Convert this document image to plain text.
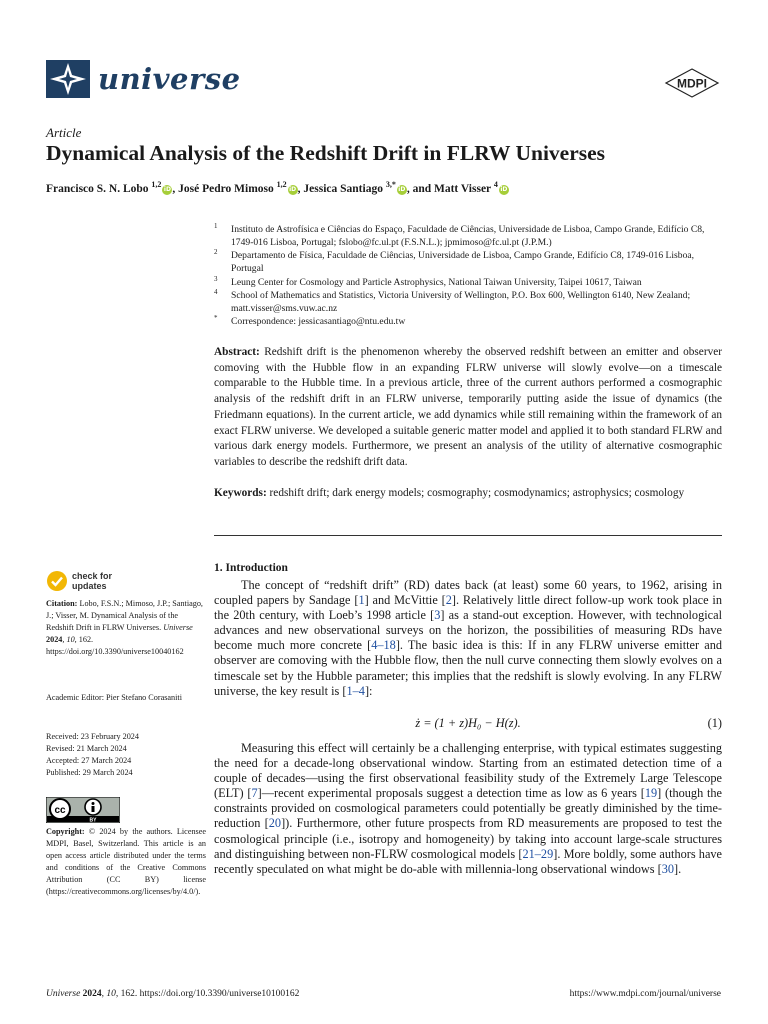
universe	MDPI
Article
Dynamical Analysis of the Redshift Drift in FLRW Universes
Francisco S. N. Lobo $^{1,2}$iD, José Pedro Mimoso $^{1,2}$iD, Jessica Santiago $^{3,*}$iD, and Matt Visser $^4$iD
1 Instituto de Astrofísica e Ciências do Espaço, Faculdade de Ciências, Universidade de Lisboa, Campo Grande, Edifício C8, 1749-016 Lisboa, Portugal; fslobo@fc.ul.pt (F.S.N.L.); jpmimoso@fc.ul.pt (J.P.M.)
2 Departamento de Física, Faculdade de Ciências, Universidade de Lisboa, Campo Grande, Edifício C8, 1749-016 Lisboa, Portugal
3 Leung Center for Cosmology and Particle Astrophysics, National Taiwan University, Taipei 10617, Taiwan
4 School of Mathematics and Statistics, Victoria University of Wellington, P.O. Box 600, Wellington 6140, New Zealand; matt.visser@sms.vuw.ac.nz
* Correspondence: jessicasantiago@ntu.edu.tw
Abstract: Redshift drift is the phenomenon whereby the observed redshift between an emitter and observer comoving with the Hubble flow in an expanding FLRW universe will slowly evolve—on a timescale comparable to the Hubble time. In a previous article, three of the current authors performed a cosmographic analysis of the redshift drift in an FLRW universe, temporarily putting aside the issue of dynamics (the Friedmann equations). In the current article, we add dynamics while still remaining within the framework of an exact FLRW universe. We developed a suitable generic matter model and applied it to both standard FLRW and various dark energy models. Furthermore, we present an analysis of the utility of alternative cosmographic variables to describe the redshift drift data.
Keywords: redshift drift; dark energy models; cosmography; cosmodynamics; astrophysics; cosmology
1. Introduction

The concept of “redshift drift” (RD) dates back (at least) some 60 years, to 1962, arising in coupled papers by Sandage [1] and McVittie [2]. Relatively little direct follow-up work took place in the 20th century, with Loeb’s 1998 article [3] as a stand-out exception. However, with technological advances and new observational surveys on the horizon, the possibilities of measuring RDs have become much more concrete [4–18]. The basic idea is this: If in any FLRW universe emitter and observer are comoving with the Hubble flow, then the null curve connecting them slowly evolves on a timescale set by the Hubble parameter; this implies that the redshift is slowly evolving. In any FLRW universe, the key result is [1–4]:

ż = (1 + z)H₀ − H(z).	(1)

Measuring this effect will certainly be a challenging enterprise, with typical estimates suggesting the need for a decade-long observational window. Starting from an estimated detection time of a couple of decades—using the first observational feasibility study of the Extremely Large Telescope (ELT) [7]—recent experimental proposals suggest a detection time as low as 6 years [19] (though the constraints provided on cosmological parameters could potentially be greatly diminished by the time-reduction [20]). Furthermore, other future prospects from RD measurements are proposed to test the cosmological principle (i.e., isotropy and homogeneity) by taking into account large-scale structures and distinguishing between non-FLRW cosmological models [21–29]. More boldly, some authors have recently speculated on what might be do-able with millennia-long observational windows [30].

check for
updates
Citation: Lobo, F.S.N.; Mimoso, J.P.; Santiago, J.; Visser, M. Dynamical Analysis of the Redshift Drift in FLRW Universes. Universe 2024, 10, 162. https://doi.org/10.3390/universe10040162
Academic Editor: Pier Stefano Corasaniti
Received: 23 February 2024
Revised: 21 March 2024
Accepted: 27 March 2024
Published: 29 March 2024
cc
BY
Copyright: © 2024 by the authors. Licensee MDPI, Basel, Switzerland. This article is an open access article distributed under the terms and conditions of the Creative Commons Attribution (CC BY) license (https://creativecommons.org/licenses/by/4.0/).
Universe 2024, 10, 162. https://doi.org/10.3390/universe10100162	https://www.mdpi.com/journal/universe
